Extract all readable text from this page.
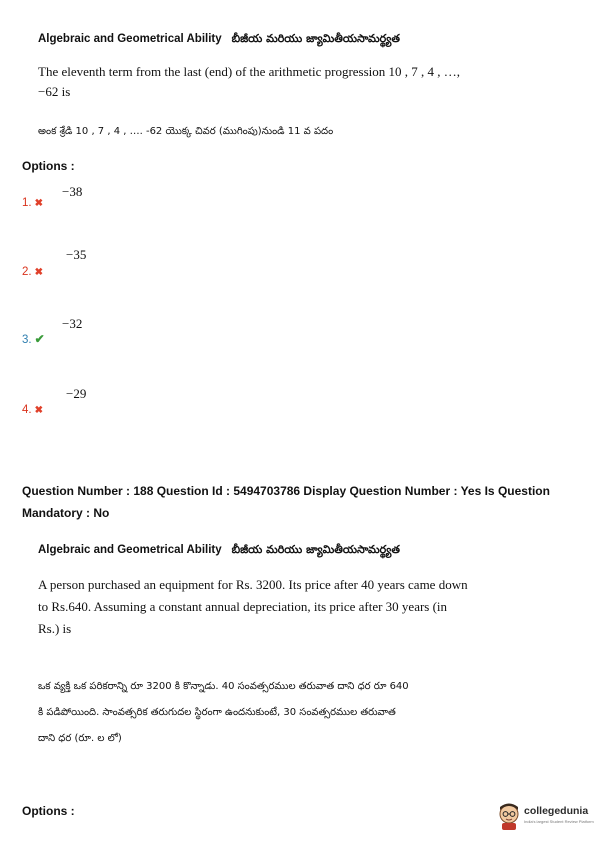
Algebraic and Geometrical Ability బీజీయ మరియు జ్యామితీయసామర్థ్యత
The eleventh term from the last (end) of the arithmetic progression 10 , 7 , 4 , …,
−62 is
అంక శ్రేడి 10 , 7 , 4 , …. -62 యొక్క చివర (ముగింపు)నుండి 11 వ పదం
Options :
1. ✖
−38
2. ✖
−35
3. ✔
−32
4. ✖
−29
Question Number : 188 Question Id : 5494703786 Display Question Number : Yes Is Question
Mandatory : No
Algebraic and Geometrical Ability బీజీయ మరియు జ్యామితీయసామర్థ్యత
A person purchased an equipment for Rs. 3200. Its price after 40 years came down
to Rs.640. Assuming a constant annual depreciation, its price after 30 years (in
Rs.) is
ఒక వ్యక్తి ఒక పరికరాన్ని రూ 3200 కి కొన్నాడు. 40 సంవత్సరముల తరువాత దాని ధర రూ 640
కి పడిపోయింది. సాంవత్సరిక తరుగుదల స్థిరంగా ఉందనుకుంటే, 30 సంవత్సరముల తరువాత
దాని ధర (రూ. ల లో)
Options :	collegedunia
India's largest Student Review Platform
